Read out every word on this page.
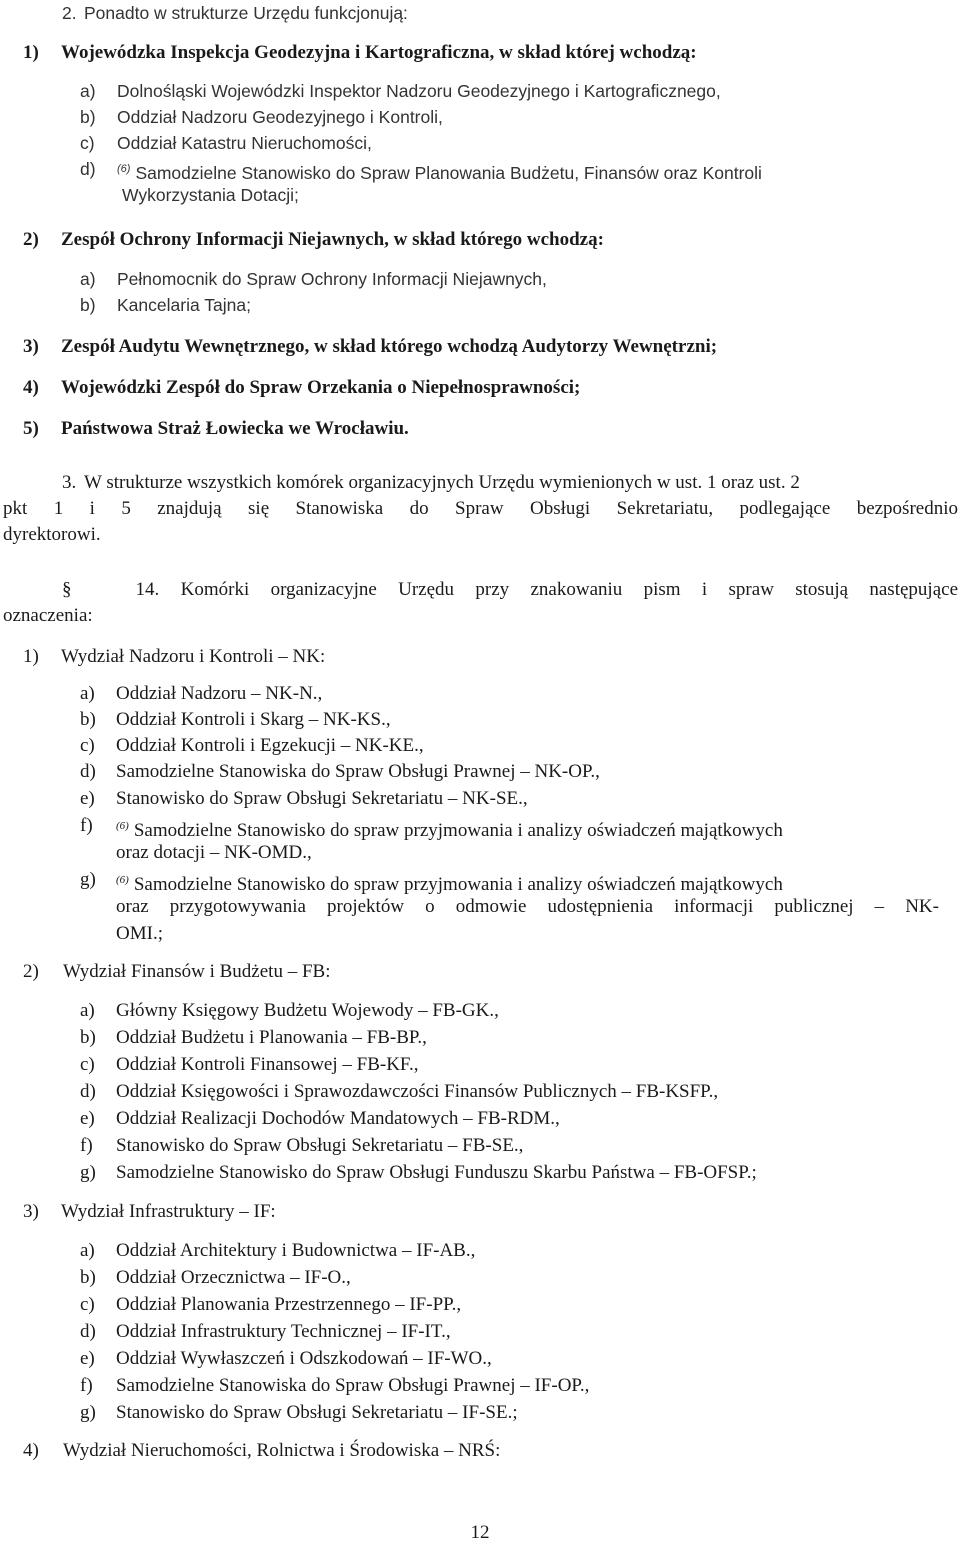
2. Ponadto w strukturze Urzędu funkcjonują:
1) Wojewódzka Inspekcja Geodezyjna i Kartograficzna, w skład której wchodzą:
a) Dolnośląski Wojewódzki Inspektor Nadzoru Geodezyjnego i Kartograficznego,
b) Oddział Nadzoru Geodezyjnego i Kontroli,
c) Oddział Katastru Nieruchomości,
d) $^{(6)}$ Samodzielne Stanowisko do Spraw Planowania Budżetu, Finansów oraz Kontroli
Wykorzystania Dotacji;
2) Zespół Ochrony Informacji Niejawnych, w skład którego wchodzą:
a) Pełnomocnik do Spraw Ochrony Informacji Niejawnych,
b) Kancelaria Tajna;
3) Zespół Audytu Wewnętrznego, w skład którego wchodzą Audytorzy Wewnętrzni;
4) Wojewódzki Zespół do Spraw Orzekania o Niepełnosprawności;
5) Państwowa Straż Łowiecka we Wrocławiu.
3. W strukturze wszystkich komórek organizacyjnych Urzędu wymienionych w ust. 1 oraz ust. 2
pkt 1 i 5 znajdują się Stanowiska do Spraw Obsługi Sekretariatu, podlegające bezpośrednio
dyrektorowi.
§	14. Komórki organizacyjne Urzędu przy znakowaniu pism i spraw stosują następujące
oznaczenia:
1) Wydział Nadzoru i Kontroli – NK:
a) Oddział Nadzoru – NK-N.,
b) Oddział Kontroli i Skarg – NK-KS.,
c) Oddział Kontroli i Egzekucji – NK-KE.,
d) Samodzielne Stanowiska do Spraw Obsługi Prawnej – NK-OP.,
e) Stanowisko do Spraw Obsługi Sekretariatu – NK-SE.,
f) $^{(6)}$ Samodzielne Stanowisko do spraw przyjmowania i analizy oświadczeń majątkowych
oraz dotacji – NK-OMD.,
g) $^{(6)}$ Samodzielne Stanowisko do spraw przyjmowania i analizy oświadczeń majątkowych
oraz przygotowywania projektów o odmowie udostępnienia informacji publicznej – NK-
OMI.;
2) Wydział Finansów i Budżetu – FB:
a) Główny Księgowy Budżetu Wojewody – FB-GK.,
b) Oddział Budżetu i Planowania – FB-BP.,
c) Oddział Kontroli Finansowej – FB-KF.,
d) Oddział Księgowości i Sprawozdawczości Finansów Publicznych – FB-KSFP.,
e) Oddział Realizacji Dochodów Mandatowych – FB-RDM.,
f) Stanowisko do Spraw Obsługi Sekretariatu – FB-SE.,
g) Samodzielne Stanowisko do Spraw Obsługi Funduszu Skarbu Państwa – FB-OFSP.;
3) Wydział Infrastruktury – IF:
a) Oddział Architektury i Budownictwa – IF-AB.,
b) Oddział Orzecznictwa – IF-O.,
c) Oddział Planowania Przestrzennego – IF-PP.,
d) Oddział Infrastruktury Technicznej – IF-IT.,
e) Oddział Wywłaszczeń i Odszkodowań – IF-WO.,
f) Samodzielne Stanowiska do Spraw Obsługi Prawnej – IF-OP.,
g) Stanowisko do Spraw Obsługi Sekretariatu – IF-SE.;
4) Wydział Nieruchomości, Rolnictwa i Środowiska – NRŚ:
12
